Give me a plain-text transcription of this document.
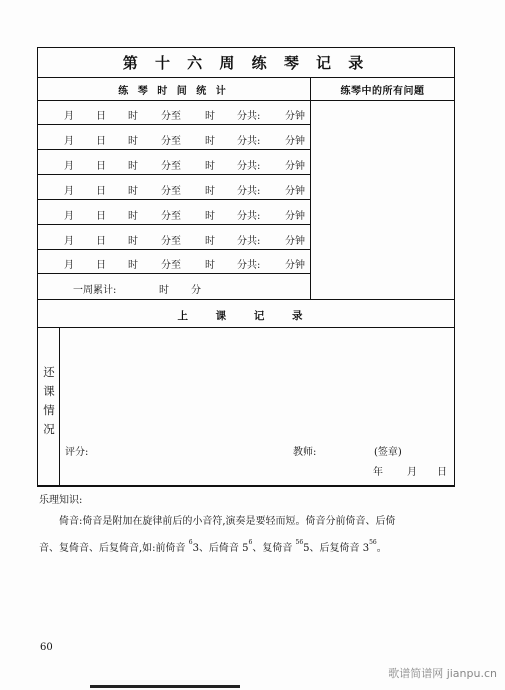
第 十 六 周 练 琴 记 录
练 琴 时 间 统 计	练琴中的所有问题
月 日 时 分至 时 分共: 分钟
月 日 时 分至 时 分共: 分钟
月 日 时 分至 时 分共: 分钟
月 日 时 分至 时 分共: 分钟
月 日 时 分至 时 分共: 分钟
月 日 时 分至 时 分共: 分钟
月 日 时 分至 时 分共: 分钟
一周累计:	时 分
上 课 记 录
还
课
情
况
评分:	教师:	(签章)
年 月 日
乐理知识:
倚音:倚音是附加在旋律前后的小音符,演奏是要轻而短。倚音分前倚音、后倚
音、复倚音、后复倚音,如:前倚音 $^6$3、后倚音 $5^6$、复倚音 $^{56}$5、后复倚音 $3^{56}$。
60
歌谱简谱网 jianpu.cn
